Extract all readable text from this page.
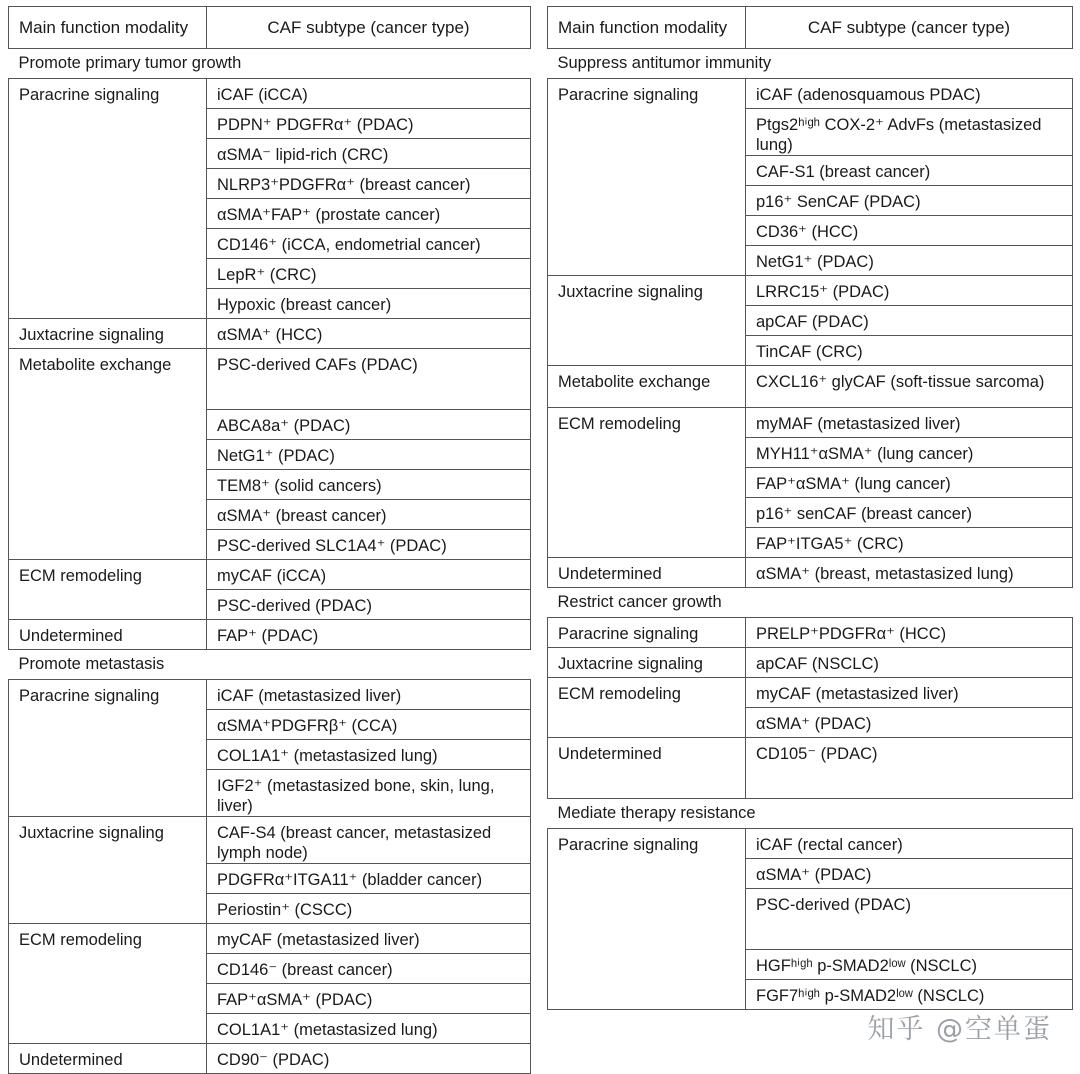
Main function modality	CAF subtype (cancer type)
Promote primary tumor growth	
Paracrine signaling	iCAF (iCCA)
	PDPN⁺ PDGFRα⁺ (PDAC)
	αSMA⁻ lipid-rich (CRC)
	NLRP3⁺PDGFRα⁺ (breast cancer)
	αSMA⁺FAP⁺ (prostate cancer)
	CD146⁺ (iCCA, endometrial cancer)
	LepR⁺ (CRC)
	Hypoxic (breast cancer)
Juxtacrine signaling	αSMA⁺ (HCC)
Metabolite exchange	PSC-derived CAFs (PDAC)
	ABCA8a⁺ (PDAC)
	NetG1⁺ (PDAC)
	TEM8⁺ (solid cancers)
	αSMA⁺ (breast cancer)
	PSC-derived SLC1A4⁺ (PDAC)
ECM remodeling	myCAF (iCCA)
	PSC-derived (PDAC)
Undetermined	FAP⁺ (PDAC)
Promote metastasis	
Paracrine signaling	iCAF (metastasized liver)
	αSMA⁺PDGFRβ⁺ (CCA)
	COL1A1⁺ (metastasized lung)
	IGF2⁺ (metastasized bone, skin, lung, liver)
Juxtacrine signaling	CAF-S4 (breast cancer, metastasized lymph node)
	PDGFRα⁺ITGA11⁺ (bladder cancer)
	Periostin⁺ (CSCC)
ECM remodeling	myCAF (metastasized liver)
	CD146⁻ (breast cancer)
	FAP⁺αSMA⁺ (PDAC)
	COL1A1⁺ (metastasized lung)
Undetermined	CD90⁻ (PDAC)
Main function modality	CAF subtype (cancer type)
Suppress antitumor immunity	
Paracrine signaling	iCAF (adenosquamous PDAC)
	Ptgs2ʰⁱᵍʰ COX-2⁺ AdvFs (metastasized lung)
	CAF-S1 (breast cancer)
	p16⁺ SenCAF (PDAC)
	CD36⁺ (HCC)
	NetG1⁺ (PDAC)
Juxtacrine signaling	LRRC15⁺ (PDAC)
	apCAF (PDAC)
	TinCAF (CRC)
Metabolite exchange	CXCL16⁺ glyCAF (soft-tissue sarcoma)
ECM remodeling	myMAF (metastasized liver)
	MYH11⁺αSMA⁺ (lung cancer)
	FAP⁺αSMA⁺ (lung cancer)
	p16⁺ senCAF (breast cancer)
	FAP⁺ITGA5⁺ (CRC)
Undetermined	αSMA⁺ (breast, metastasized lung)
Restrict cancer growth	
Paracrine signaling	PRELP⁺PDGFRα⁺ (HCC)
Juxtacrine signaling	apCAF (NSCLC)
ECM remodeling	myCAF (metastasized liver)
	αSMA⁺ (PDAC)
Undetermined	CD105⁻ (PDAC)
Mediate therapy resistance	
Paracrine signaling	iCAF (rectal cancer)
	αSMA⁺ (PDAC)
	PSC-derived (PDAC)
	HGFʰⁱᵍʰ p-SMAD2ˡᵒʷ (NSCLC)
	FGF7ʰⁱᵍʰ p-SMAD2ˡᵒʷ (NSCLC)
知乎 @空单蛋
